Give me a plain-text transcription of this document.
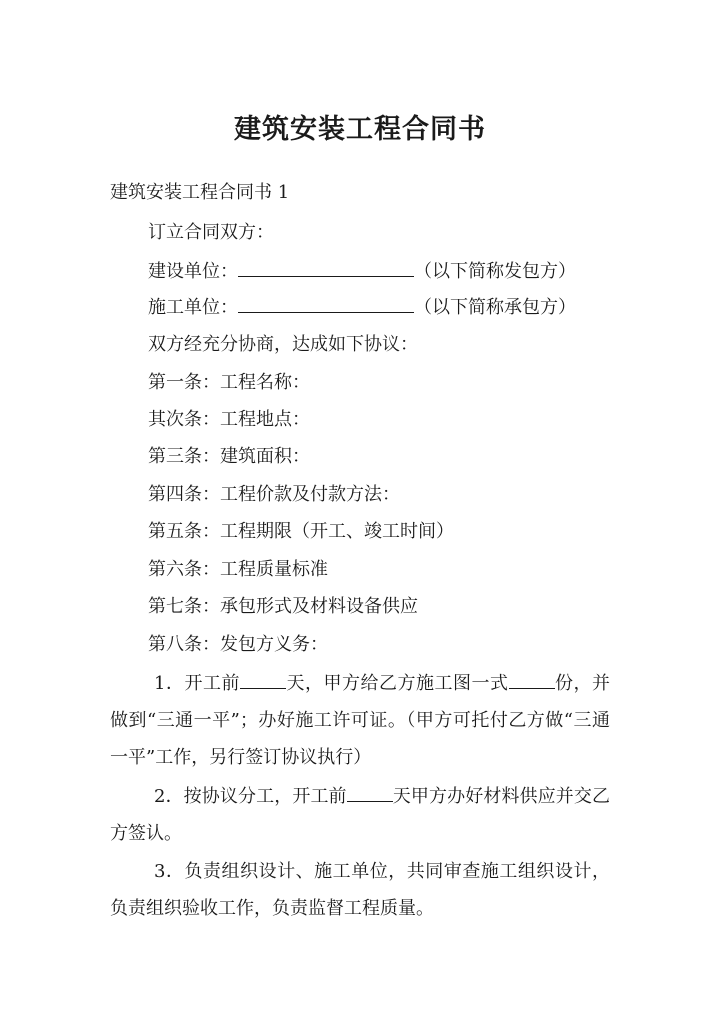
建筑安装工程合同书
建筑安装工程合同书 1
订立合同双方：
建设单位：	（以下简称发包方）
施工单位：	（以下简称承包方）
双方经充分协商，达成如下协议：
第一条：工程名称：
其次条：工程地点：
第三条：建筑面积：
第四条：工程价款及付款方法：
第五条：工程期限（开工、竣工时间）
第六条：工程质量标准
第七条：承包形式及材料设备供应
第八条：发包方义务：
1．开工前	天，甲方给乙方施工图一式	份，并做到“三通一平”；办好施工许可证。（甲方可托付乙方做“三通一平”工作，另行签订协议执行）
2．按协议分工，开工前	天甲方办好材料供应并交乙方签认。
3．负责组织设计、施工单位，共同审查施工组织设计，负责组织验收工作，负责监督工程质量。
